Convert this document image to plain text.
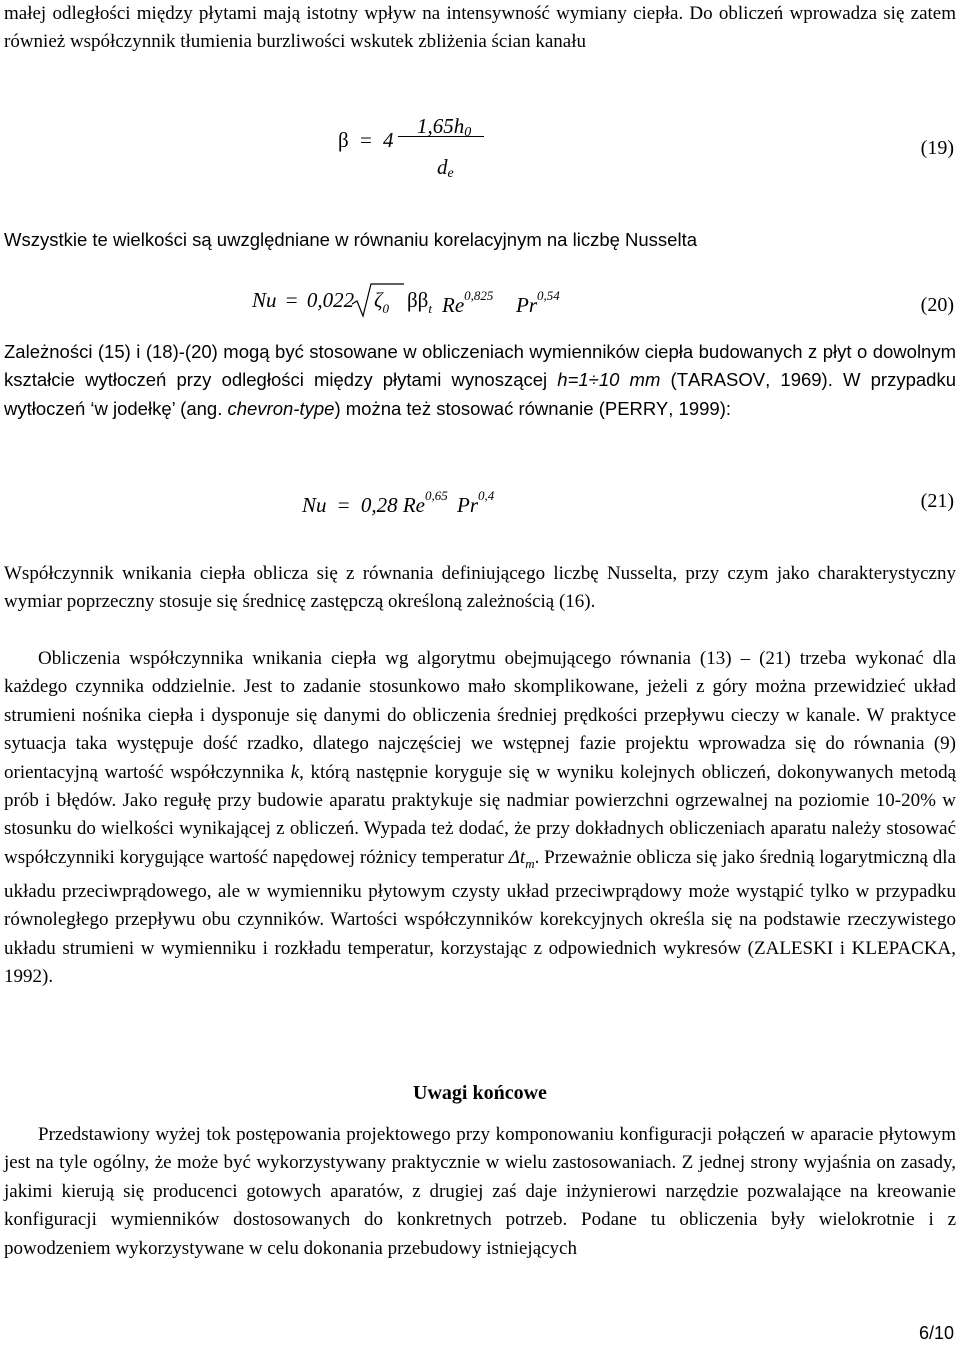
małej odległości między płytami mają istotny wpływ na intensywność wymiany ciepła. Do obliczeń wprowadza się zatem również współczynnik tłumienia burzliwości wskutek zbliżenia ścian kanału
β = 4
$1,65h_0$
$d_e$
(19)
Wszystkie te wielkości są uwzględniane w równaniu korelacyjnym na liczbę Nusselta
Nu = 0,022 $\zeta_0$ $\beta\beta_t$ Re$^{0,825}$ Pr$^{0,54}$	(20)
Zależności (15) i (18)-(20) mogą być stosowane w obliczeniach wymienników ciepła budowanych z płyt o dowolnym kształcie wytłoczeń przy odległości między płytami wynoszącej h=1÷10 mm (TARASOV, 1969). W przypadku wytłoczeń ‘w jodełkę’ (ang. chevron-type) można też stosować równanie (PERRY, 1999):
Nu = 0,28 Re$^{0,65}$ Pr$^{0,4}$	(21)
Współczynnik wnikania ciepła oblicza się z równania definiującego liczbę Nusselta, przy czym jako charakterystyczny wymiar poprzeczny stosuje się średnicę zastępczą określoną zależnością (16).
Obliczenia współczynnika wnikania ciepła wg algorytmu obejmującego równania (13) – (21) trzeba wykonać dla każdego czynnika oddzielnie. Jest to zadanie stosunkowo mało skomplikowane, jeżeli z góry można przewidzieć układ strumieni nośnika ciepła i dysponuje się danymi do obliczenia średniej prędkości przepływu cieczy w kanale. W praktyce sytuacja taka występuje dość rzadko, dlatego najczęściej we wstępnej fazie projektu wprowadza się do równania (9) orientacyjną wartość współczynnika k, którą następnie koryguje się w wyniku kolejnych obliczeń, dokonywanych metodą prób i błędów. Jako regułę przy budowie aparatu praktykuje się nadmiar powierzchni ogrzewalnej na poziomie 10-20% w stosunku do wielkości wynikającej z obliczeń. Wypada też dodać, że przy dokładnych obliczeniach aparatu należy stosować współczynniki korygujące wartość napędowej różnicy temperatur $\Delta t_m$. Przeważnie oblicza się jako średnią logarytmiczną dla układu przeciwprądowego, ale w wymienniku płytowym czysty układ przeciwprądowy może wystąpić tylko w przypadku równoległego przepływu obu czynników. Wartości współczynników korekcyjnych określa się na podstawie rzeczywistego układu strumieni w wymienniku i rozkładu temperatur, korzystając z odpowiednich wykresów (ZALESKI i KLEPACKA, 1992).
Uwagi końcowe
Przedstawiony wyżej tok postępowania projektowego przy komponowaniu konfiguracji połączeń w aparacie płytowym jest na tyle ogólny, że może być wykorzystywany praktycznie w wielu zastosowaniach. Z jednej strony wyjaśnia on zasady, jakimi kierują się producenci gotowych aparatów, z drugiej zaś daje inżynierowi narzędzie pozwalające na kreowanie konfiguracji wymienników dostosowanych do konkretnych potrzeb. Podane tu obliczenia były wielokrotnie i z powodzeniem wykorzystywane w celu dokonania przebudowy istniejących
6/10
